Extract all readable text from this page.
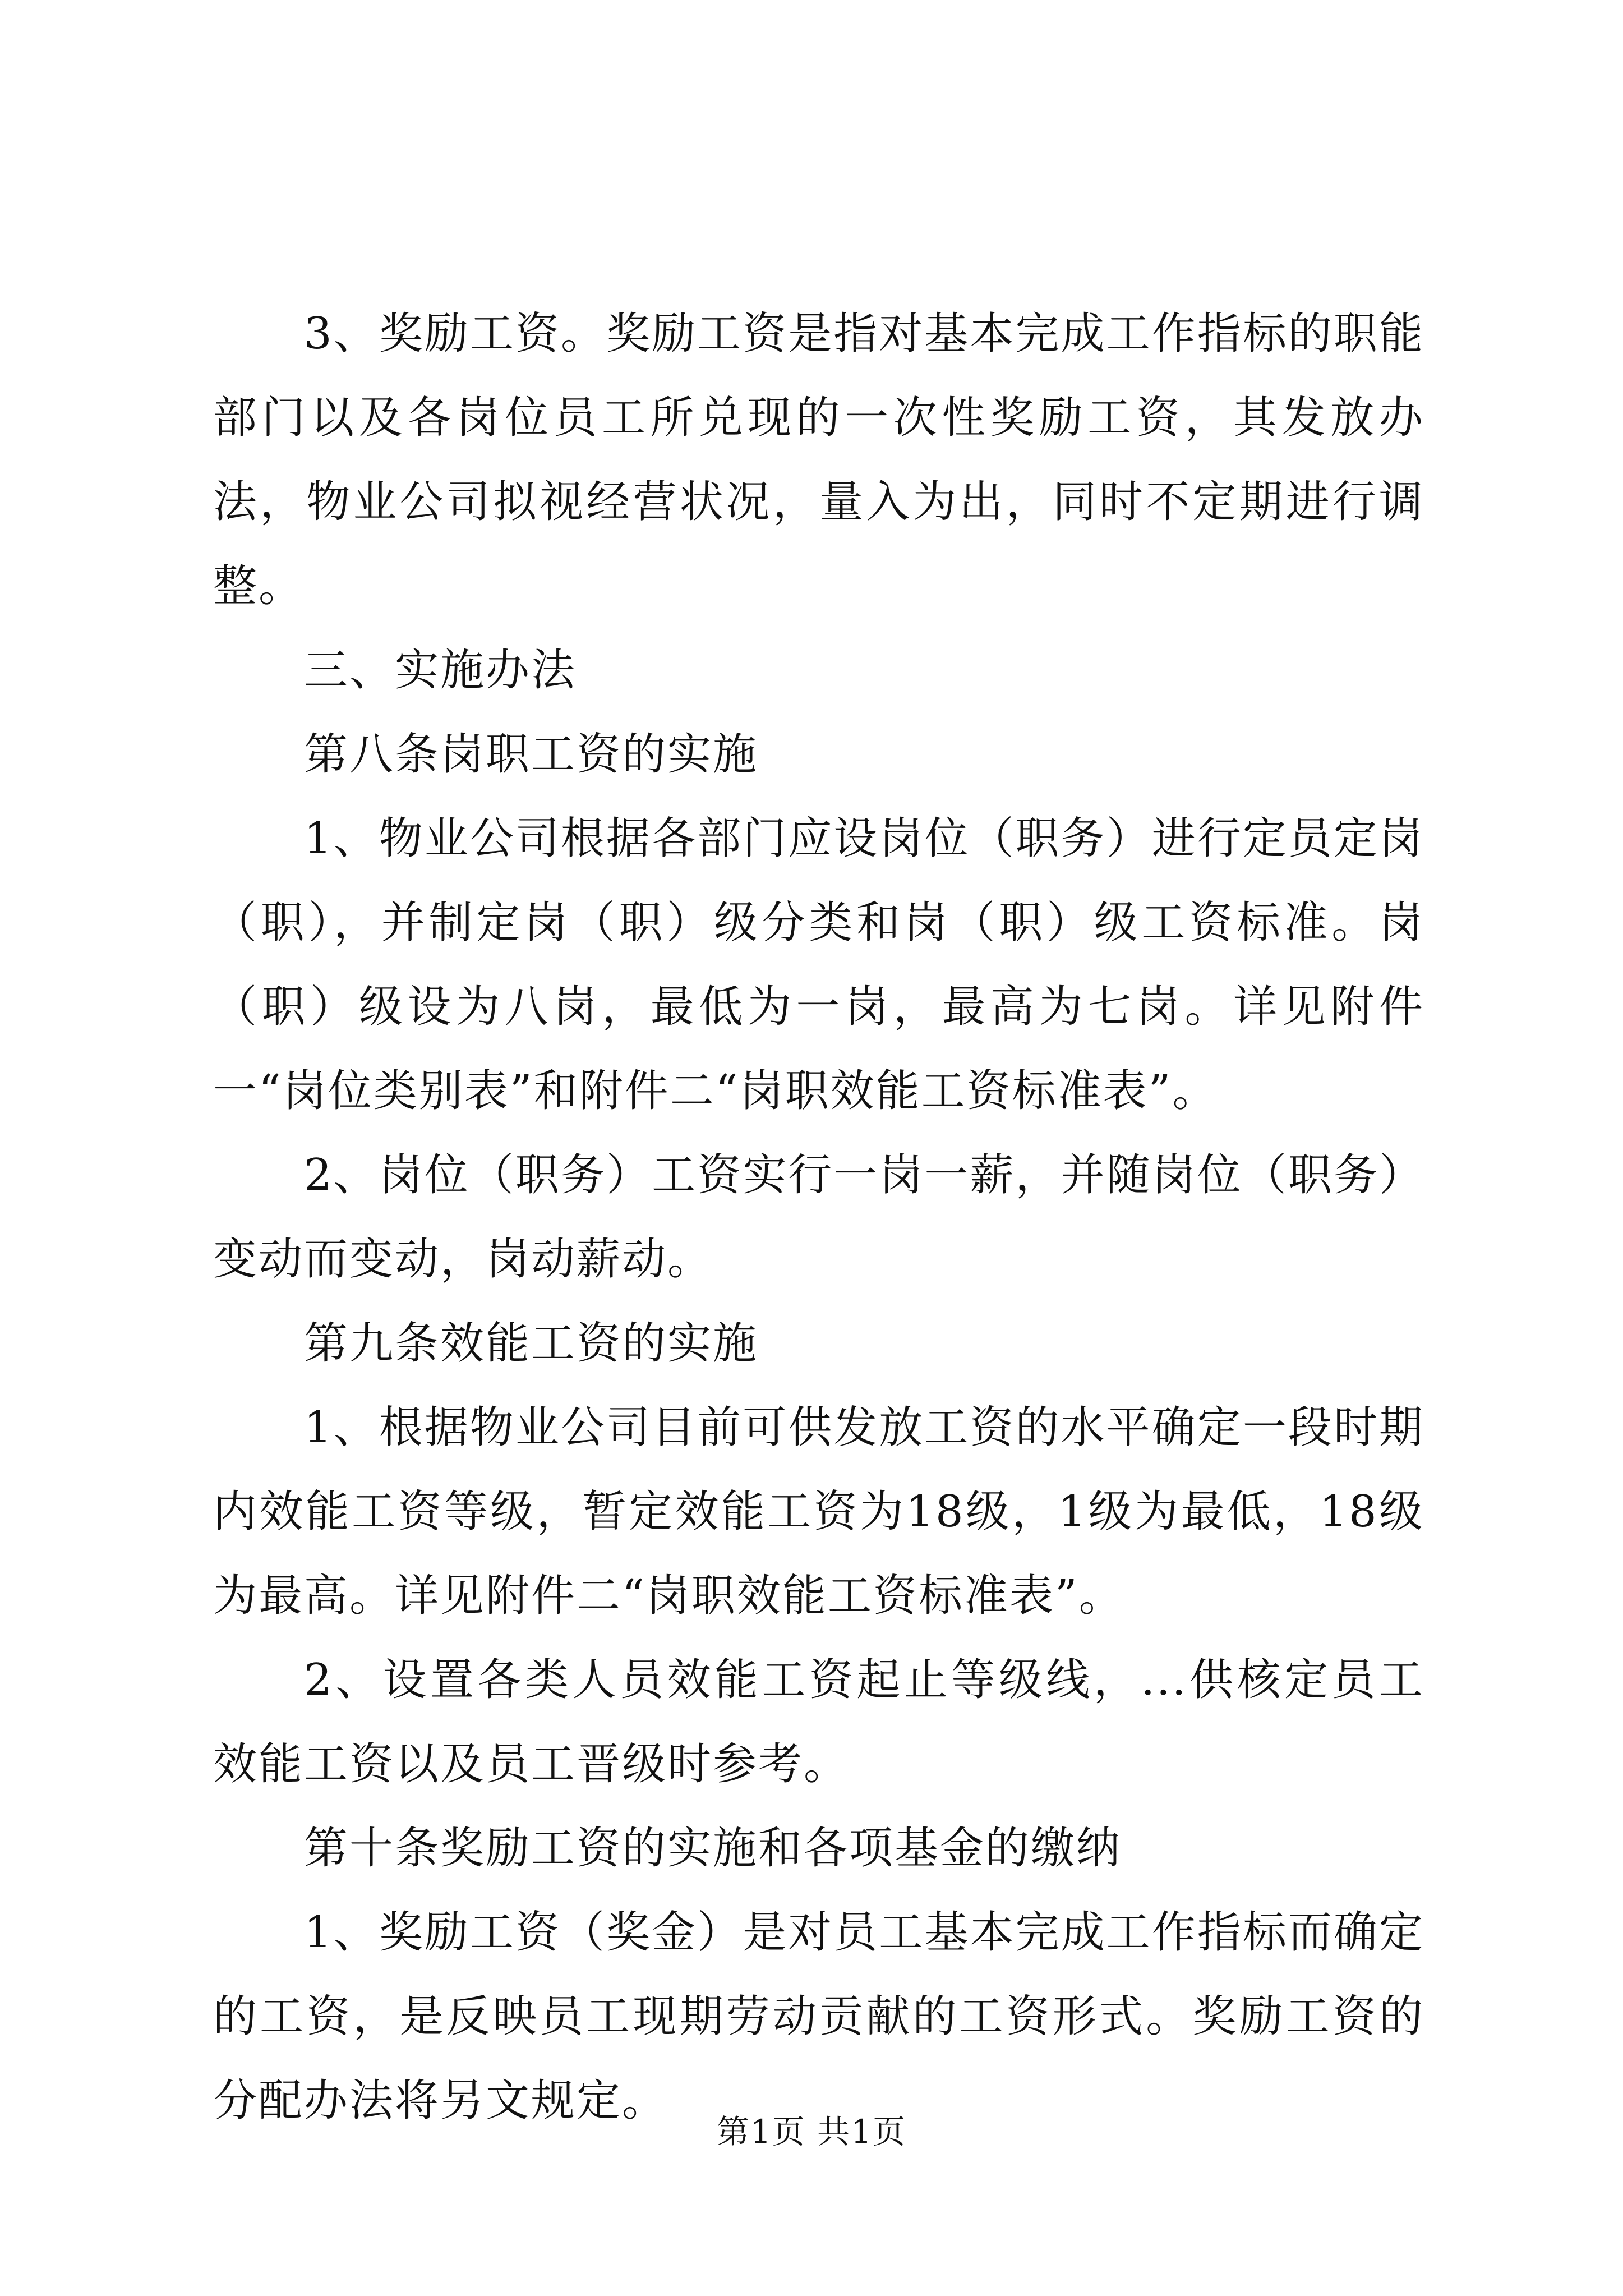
3、奖励工资。奖励工资是指对基本完成工作指标的职能部门以及各岗位员工所兑现的一次性奖励工资，其发放办法，物业公司拟视经营状况，量入为出，同时不定期进行调整。

三、实施办法

第八条岗职工资的实施

1、物业公司根据各部门应设岗位（职务）进行定员定岗（职），并制定岗（职）级分类和岗（职）级工资标准。岗（职）级设为八岗，最低为一岗，最高为七岗。详见附件一“岗位类别表”和附件二“岗职效能工资标准表”。

2、岗位（职务）工资实行一岗一薪，并随岗位（职务）变动而变动，岗动薪动。

第九条效能工资的实施

1、根据物业公司目前可供发放工资的水平确定一段时期内效能工资等级，暂定效能工资为18级，1级为最低，18级为最高。详见附件二“岗职效能工资标准表”。

2、设置各类人员效能工资起止等级线，...供核定员工效能工资以及员工晋级时参考。

第十条奖励工资的实施和各项基金的缴纳

1、奖励工资（奖金）是对员工基本完成工作指标而确定的工资，是反映员工现期劳动贡献的工资形式。奖励工资的分配办法将另文规定。

第1页 共1页
